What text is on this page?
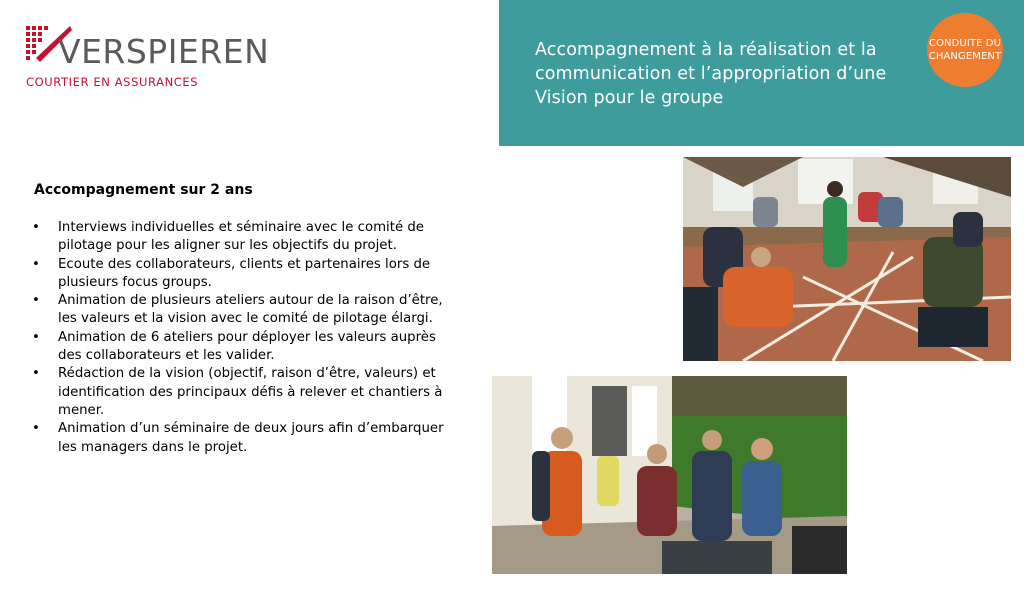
VERSPIEREN
COURTIER EN ASSURANCES
Accompagnement à la réalisation et la communication et l’appropriation d’une Vision pour le groupe
CONDUITE DU CHANGEMENT
Accompagnement sur 2 ans
• Interviews individuelles et séminaire avec le comité de pilotage pour les aligner sur les objectifs du projet.
• Ecoute des collaborateurs, clients et partenaires lors de plusieurs focus groups.
• Animation de plusieurs ateliers autour de la raison d’être, les valeurs et la vision avec le comité de pilotage élargi.
• Animation de 6 ateliers pour déployer les valeurs auprès des collaborateurs et les valider.
• Rédaction de la vision (objectif, raison d’être, valeurs) et identification des principaux défis à relever et chantiers à mener.
• Animation d’un séminaire de deux jours afin d’embarquer les managers dans le projet.
